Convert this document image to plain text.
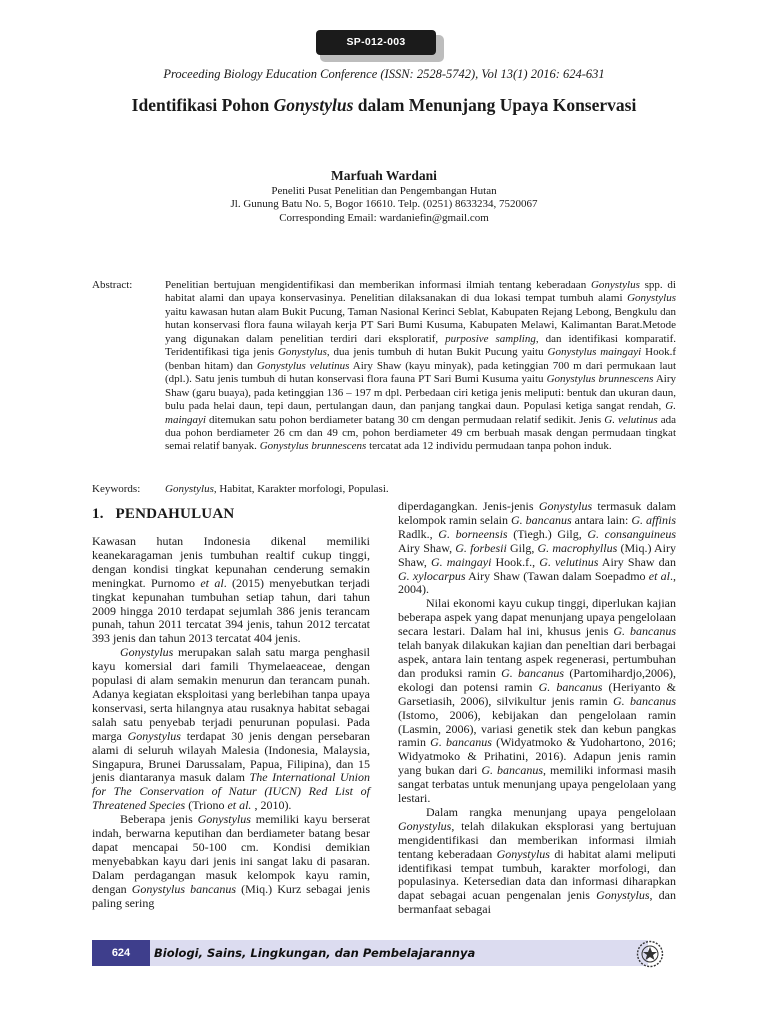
SP-012-003
Proceeding Biology Education Conference (ISSN: 2528-5742), Vol 13(1) 2016: 624-631
Identifikasi Pohon Gonystylus dalam Menunjang Upaya Konservasi
Marfuah Wardani
Peneliti Pusat Penelitian dan Pengembangan Hutan
Jl. Gunung Batu No. 5, Bogor 16610. Telp. (0251) 8633234, 7520067
Corresponding Email: wardaniefin@gmail.com
Abstract:	Penelitian bertujuan mengidentifikasi dan memberikan informasi ilmiah tentang keberadaan Gonystylus spp. di habitat alami dan upaya konservasinya. Penelitian dilaksanakan di dua lokasi tempat tumbuh alami Gonystylus yaitu kawasan hutan alam Bukit Pucung, Taman Nasional Kerinci Seblat, Kabupaten Rejang Lebong, Bengkulu dan hutan konservasi flora fauna wilayah kerja PT Sari Bumi Kusuma, Kabupaten Melawi, Kalimantan Barat.Metode yang digunakan dalam penelitian terdiri dari eksploratif, purposive sampling, dan identifikasi komparatif. Teridentifikasi tiga jenis Gonystylus, dua jenis tumbuh di hutan Bukit Pucung yaitu Gonystylus maingayi Hook.f (benban hitam) dan Gonystylus velutinus Airy Shaw (kayu minyak), pada ketinggian 700 m dari permukaan laut (dpl.). Satu jenis tumbuh di hutan konservasi flora fauna PT Sari Bumi Kusuma yaitu Gonystylus brunnescens Airy Shaw (garu buaya), pada ketinggian 136 – 197 m dpl. Perbedaan ciri ketiga jenis meliputi: bentuk dan ukuran daun, bulu pada helai daun, tepi daun, pertulangan daun, dan panjang tangkai daun. Populasi ketiga sangat rendah, G. maingayi ditemukan satu pohon berdiameter batang 30 cm dengan permudaan relatif sedikit. Jenis G. velutinus ada dua pohon berdiameter 26 cm dan 49 cm, pohon berdiameter 49 cm berbuah masak dengan permudaan tingkat semai relatif banyak. Gonystylus brunnescens tercatat ada 12 individu permudaan tanpa pohon induk.
Keywords: Gonystylus, Habitat, Karakter morfologi, Populasi.
1. PENDAHULUAN

Kawasan hutan Indonesia dikenal memiliki keanekaragaman jenis tumbuhan realtif cukup tinggi, dengan kondisi tingkat kepunahan cenderung semakin meningkat. Purnomo et al. (2015) menyebutkan terjadi tingkat kepunahan tumbuhan setiap tahun, dari tahun 2009 hingga 2010 terdapat sejumlah 386 jenis terancam punah, tahun 2011 tercatat 394 jenis, tahun 2012 tercatat 393 jenis dan tahun 2013 tercatat 404 jenis.

Gonystylus merupakan salah satu marga penghasil kayu komersial dari famili Thymelaeaceae, dengan populasi di alam semakin menurun dan terancam punah. Adanya kegiatan eksploitasi yang berlebihan tanpa upaya konservasi, serta hilangnya atau rusaknya habitat sebagai salah satu penyebab terjadi penurunan populasi. Pada marga Gonystylus terdapat 30 jenis dengan persebaran alami di seluruh wilayah Malesia (Indonesia, Malaysia, Singapura, Brunei Darussalam, Papua, Filipina), dan 15 jenis diantaranya masuk dalam The International Union for The Conservation of Natur (IUCN) Red List of Threatened Species (Triono et al. , 2010).

Beberapa jenis Gonystylus memiliki kayu berserat indah, berwarna keputihan dan berdiameter batang besar dapat mencapai 50-100 cm. Kondisi demikian menyebabkan kayu dari jenis ini sangat laku di pasaran. Dalam perdagangan masuk kelompok kayu ramin, dengan Gonystylus bancanus (Miq.) Kurz sebagai jenis paling sering

diperdagangkan. Jenis-jenis Gonystylus termasuk dalam kelompok ramin selain G. bancanus antara lain: G. affinis Radlk., G. borneensis (Tiegh.) Gilg, G. consanguineus Airy Shaw, G. forbesii Gilg, G. macrophyllus (Miq.) Airy Shaw, G. maingayi Hook.f., G. velutinus Airy Shaw dan G. xylocarpus Airy Shaw (Tawan dalam Soepadmo et al., 2004).

Nilai ekonomi kayu cukup tinggi, diperlukan kajian beberapa aspek yang dapat menunjang upaya pengelolaan secara lestari. Dalam hal ini, khusus jenis G. bancanus telah banyak dilakukan kajian dan peneltian dari berbagai aspek, antara lain tentang aspek regenerasi, pertumbuhan dan produksi ramin G. bancanus (Partomihardjo,2006), ekologi dan potensi ramin G. bancanus (Heriyanto & Garsetiasih, 2006), silvikultur jenis ramin G. bancanus (Istomo, 2006), kebijakan dan pengelolaan ramin (Lasmin, 2006), variasi genetik stek dan kebun pangkas ramin G. bancanus (Widyatmoko & Yudohartono, 2016; Widyatmoko & Prihatini, 2016). Adapun jenis ramin yang bukan dari G. bancanus, memiliki informasi masih sangat terbatas untuk menunjang upaya pengelolaan yang lestari.

Dalam rangka menunjang upaya pengelolaan Gonystylus, telah dilakukan eksplorasi yang bertujuan mengidentifikasi dan memberikan informasi ilmiah tentang keberadaan Gonystylus di habitat alami meliputi identifikasi tempat tumbuh, karakter morfologi, dan populasinya. Ketersedian data dan informasi diharapkan dapat sebagai acuan pengenalan jenis Gonystylus, dan bermanfaat sebagai

624	Biologi, Sains, Lingkungan, dan Pembelajarannya
